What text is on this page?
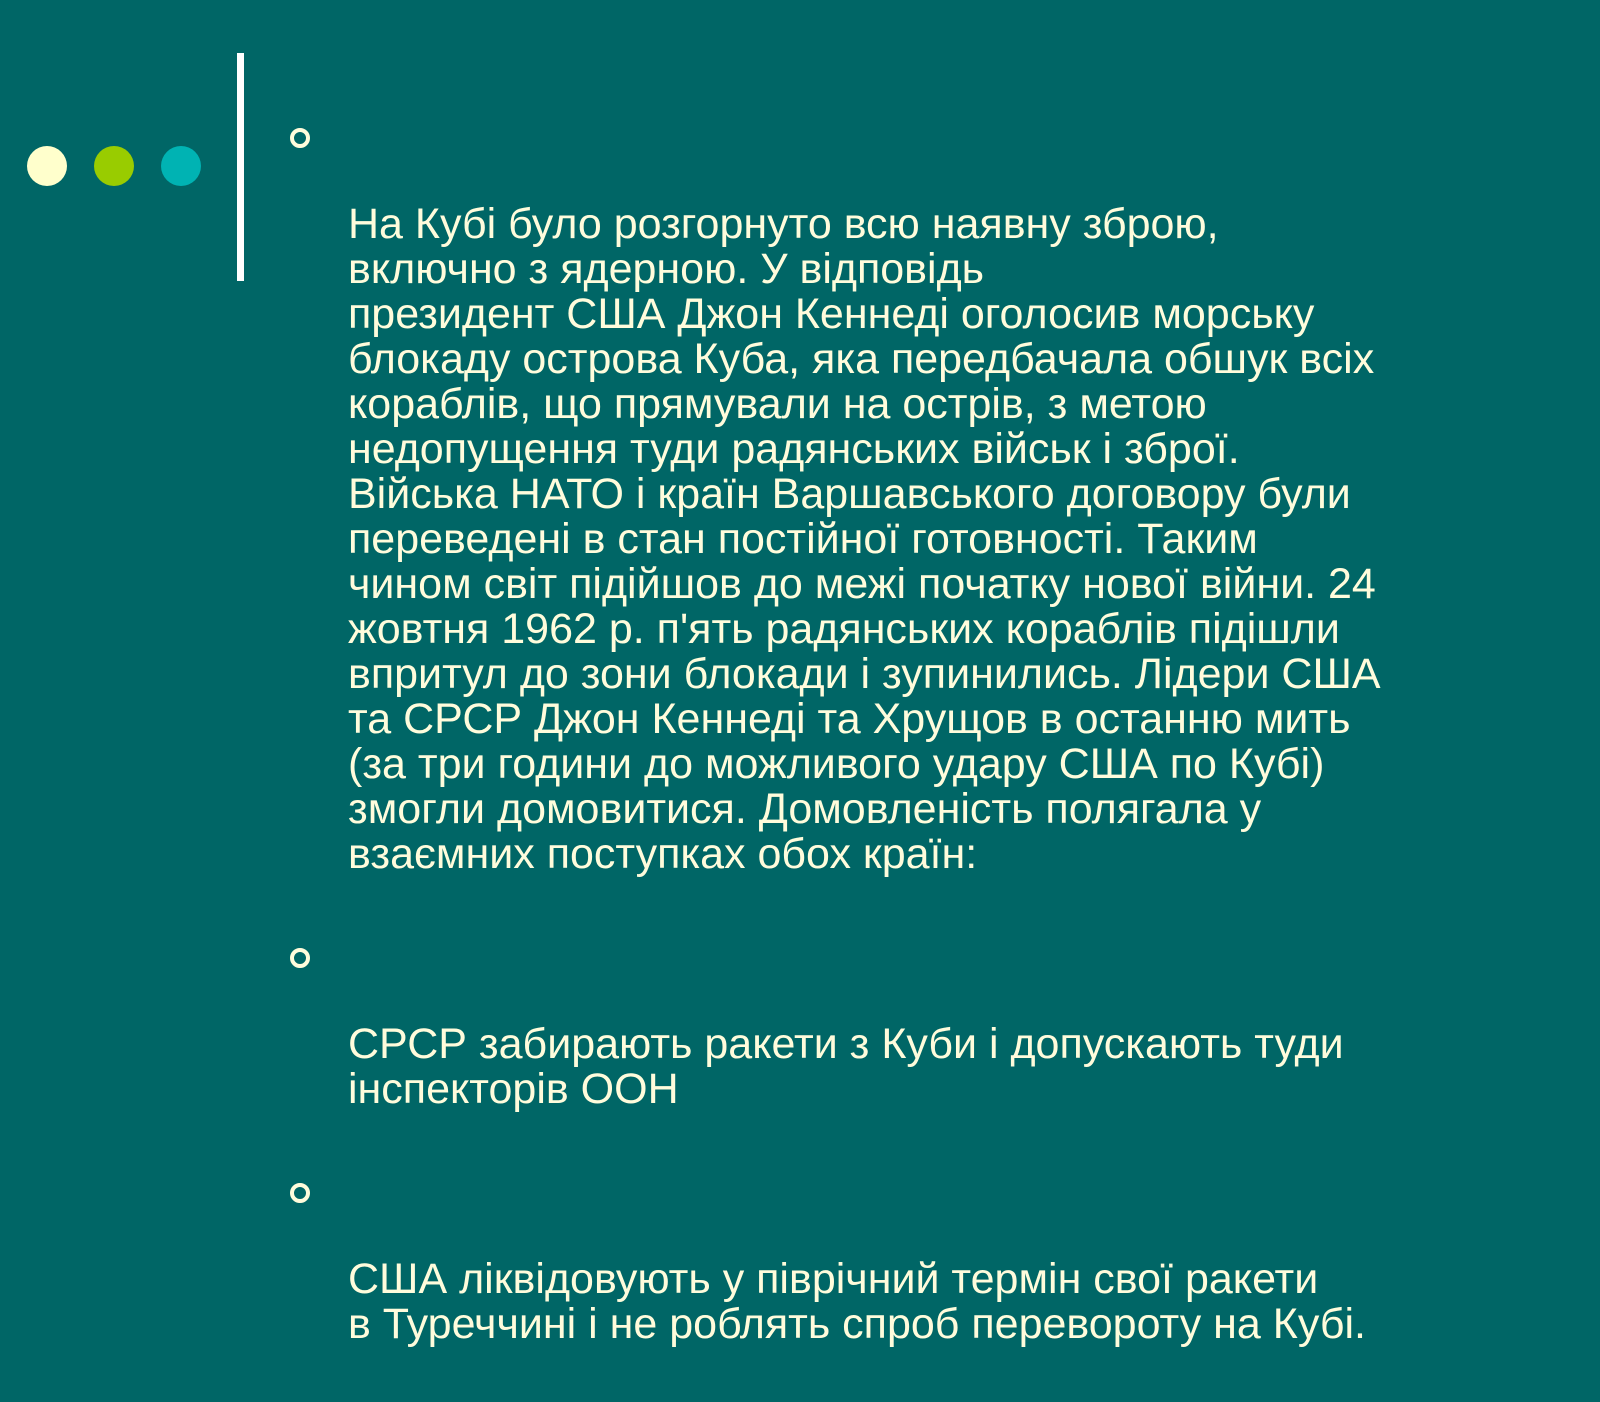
На Кубі було розгорнуто всю наявну зброю,
включно з ядерною. У відповідь
президент США Джон Кеннеді оголосив морську
блокаду острова Куба, яка передбачала обшук всіх
кораблів, що прямували на острів, з метою
недопущення туди радянських військ і зброї.
Війська НАТО і країн Варшавського договору були
переведені в стан постійної готовності. Таким
чином світ підійшов до межі початку нової війни. 24
жовтня 1962 р. п'ять радянських кораблів підішли
впритул до зони блокади і зупинились. Лідери США
та СРСР Джон Кеннеді та Хрущов в останню мить
(за три години до можливого удару США по Кубі)
змогли домовитися. Домовленість полягала у
взаємних поступках обох країн:

СРСР забирають ракети з Куби і допускають туди
інспекторів ООН

США ліквідовують у піврічний термін свої ракети
в Туреччині і не роблять спроб перевороту на Кубі.
